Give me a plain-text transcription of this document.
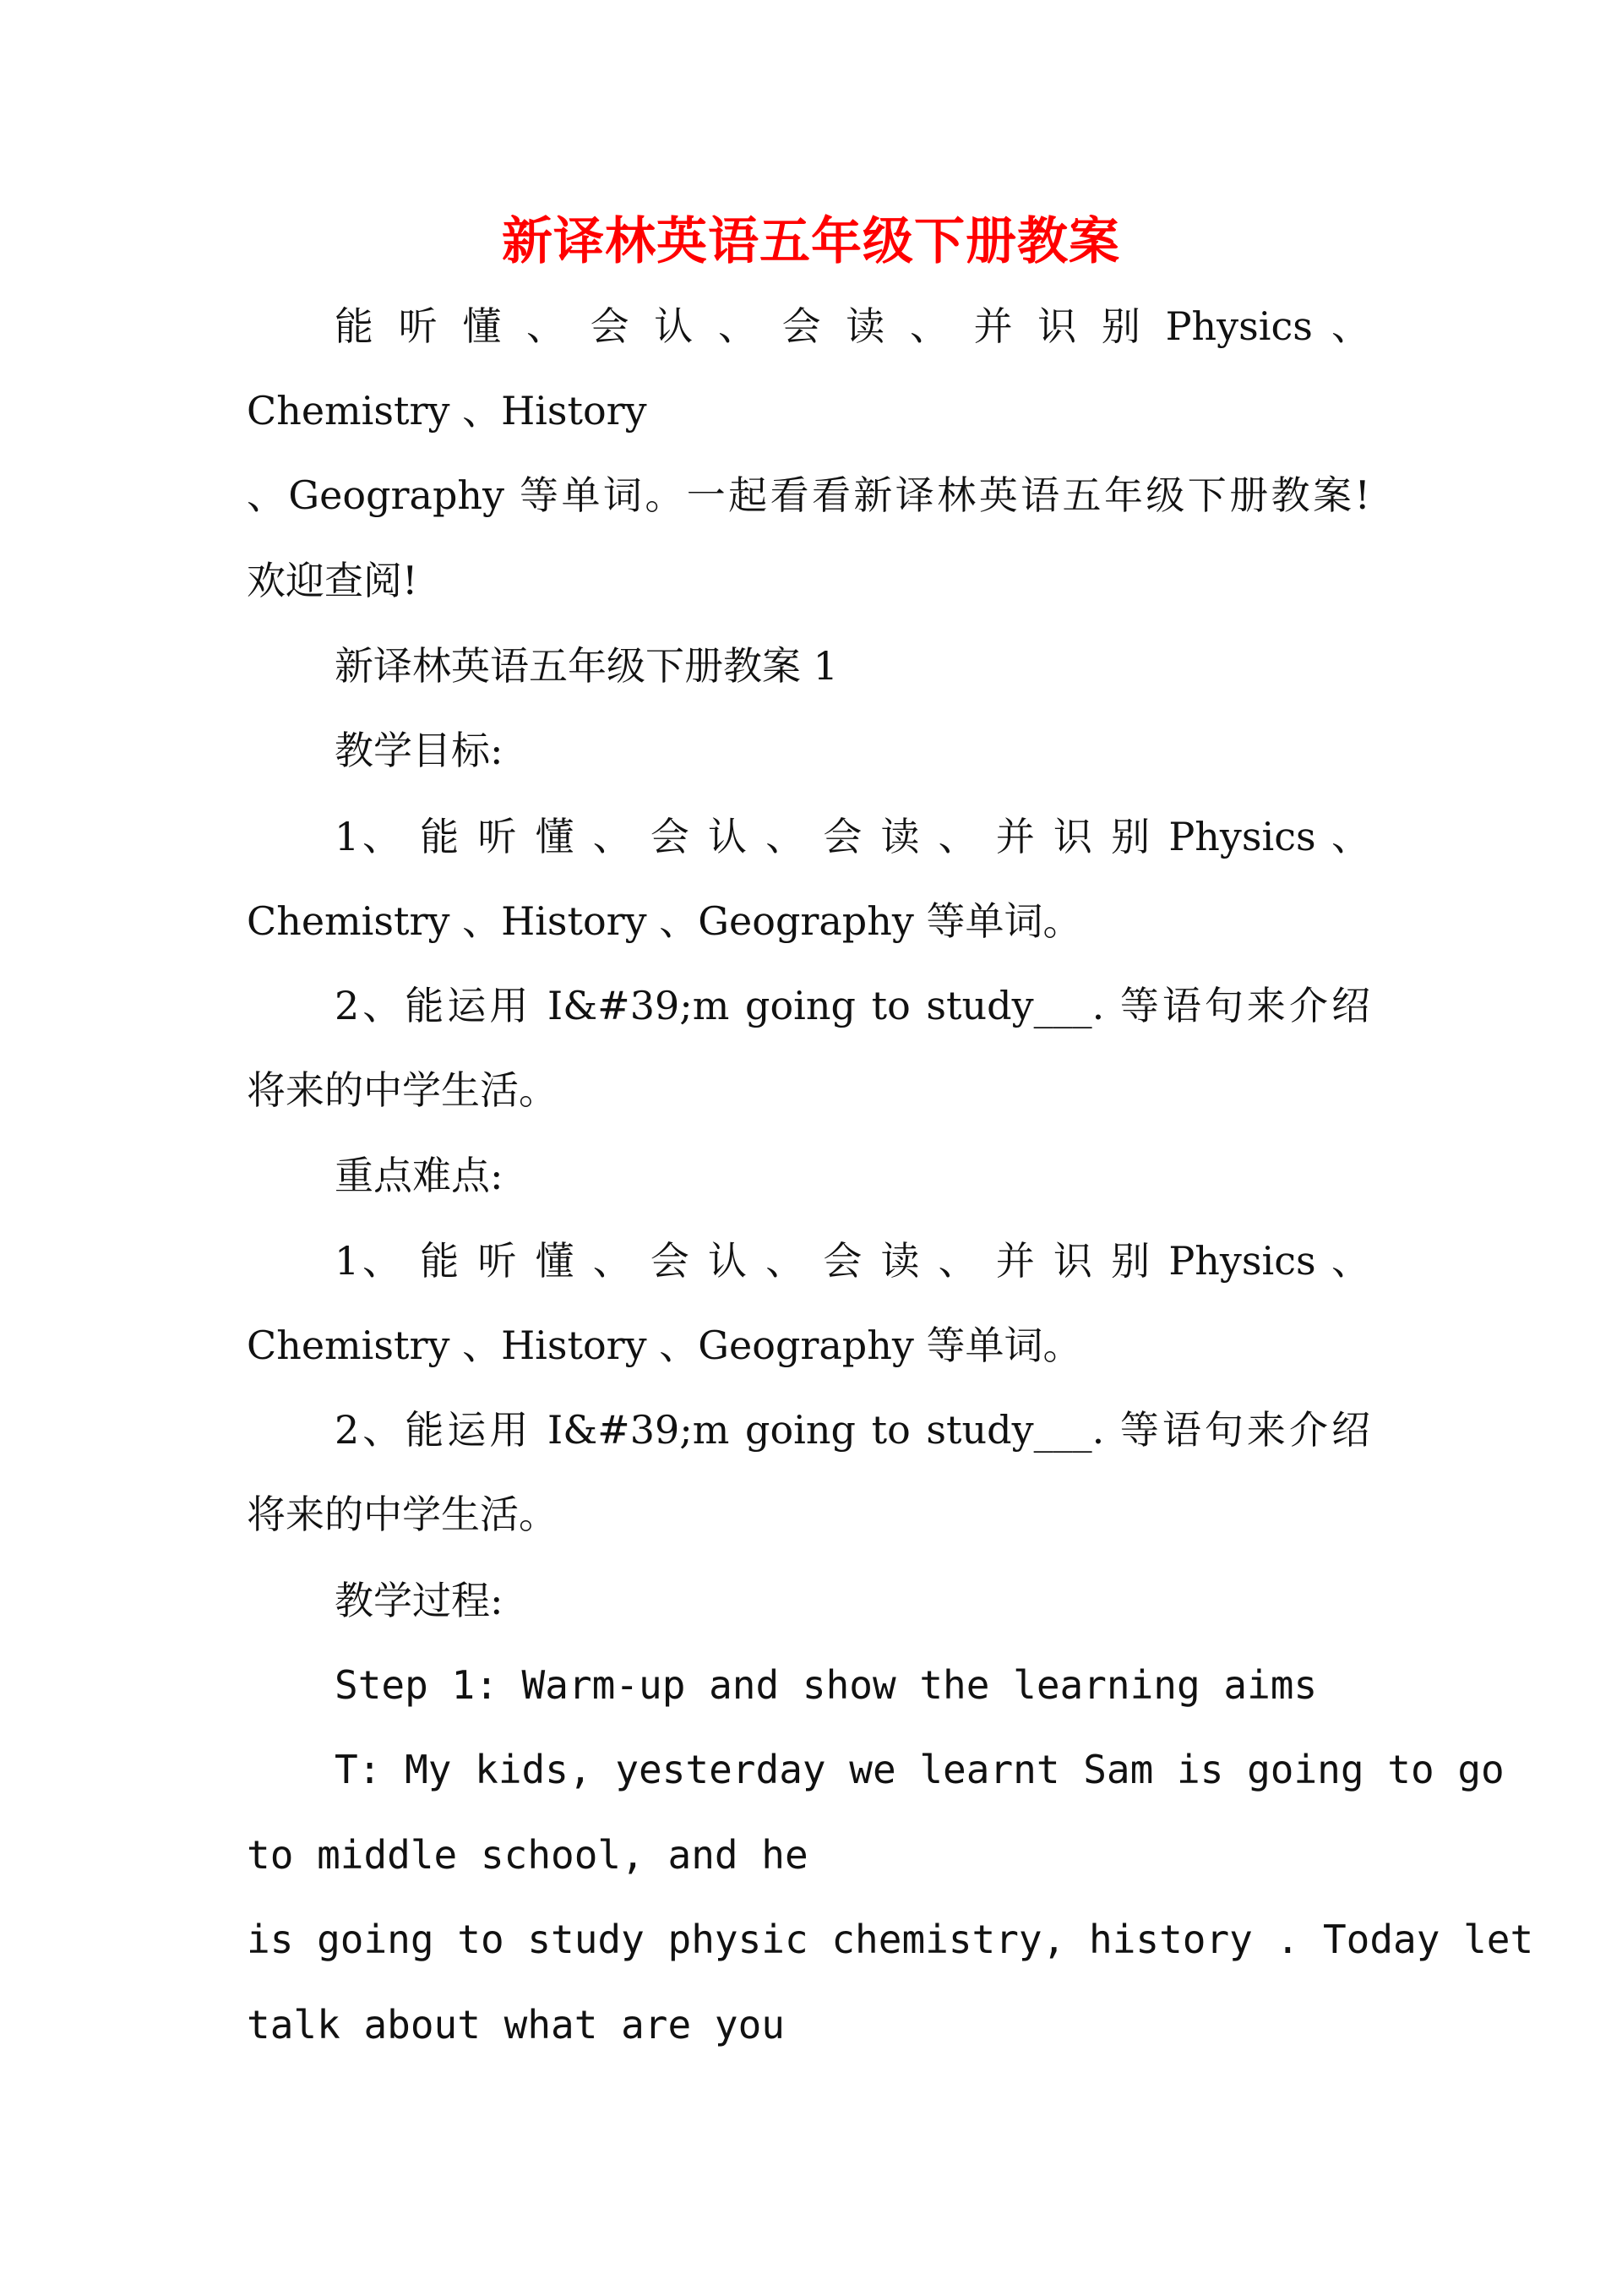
新译林英语五年级下册教案
能 听 懂 、 会 认 、 会 读 、 并 识 别 Physics 、
Chemistry 、History
、Geography 等单词。一起看看新译林英语五年级下册教案!
欢迎查阅!
新译林英语五年级下册教案 1
教学目标:
1、 能 听 懂 、 会 认 、 会 读 、 并 识 别 Physics 、
Chemistry 、History 、Geography 等单词。
2、能运用 I&#39;m going to study___. 等语句来介绍
将来的中学生活。
重点难点:
1、 能 听 懂 、 会 认 、 会 读 、 并 识 别 Physics 、
Chemistry 、History 、Geography 等单词。
2、能运用 I&#39;m going to study___. 等语句来介绍
将来的中学生活。
教学过程:
Step 1: Warm-up and show the learning aims
T: My kids, yesterday we learnt Sam is going to go
to middle school, and he
is going to study physic chemistry, history . Today let
talk about what are you
